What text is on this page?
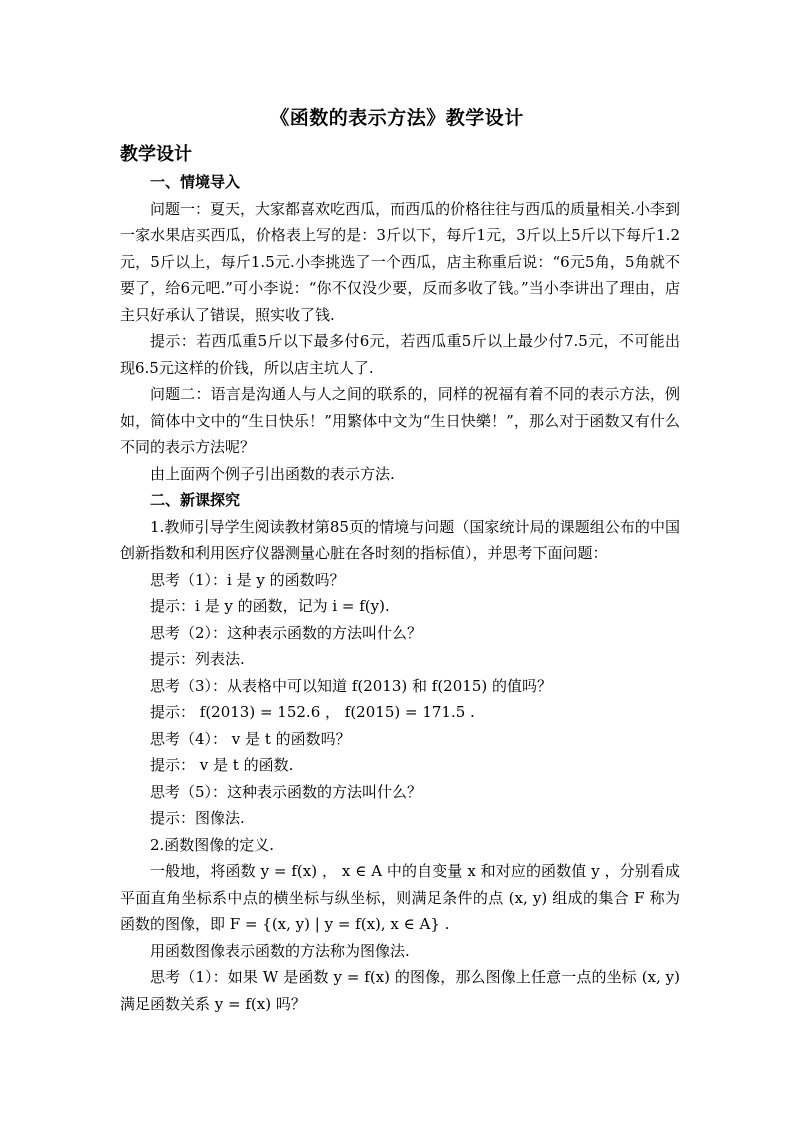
《函数的表示方法》教学设计
教学设计
一、情境导入

问题一：夏天，大家都喜欢吃西瓜，而西瓜的价格往往与西瓜的质量相关.小李到一家水果店买西瓜，价格表上写的是：3斤以下，每斤1元，3斤以上5斤以下每斤1.2元，5斤以上，每斤1.5元.小李挑选了一个西瓜，店主称重后说：“6元5角，5角就不要了，给6元吧.”可小李说：“你不仅没少要，反而多收了钱。”当小李讲出了理由，店主只好承认了错误，照实收了钱.

提示：若西瓜重5斤以下最多付6元，若西瓜重5斤以上最少付7.5元，不可能出现6.5元这样的价钱，所以店主坑人了.

问题二：语言是沟通人与人之间的联系的，同样的祝福有着不同的表示方法，例如，简体中文中的“生日快乐！”用繁体中文为“生日快樂！”，那么对于函数又有什么不同的表示方法呢？

由上面两个例子引出函数的表示方法.

二、新课探究

1.教师引导学生阅读教材第85页的情境与问题（国家统计局的课题组公布的中国创新指数和利用医疗仪器测量心脏在各时刻的指标值），并思考下面问题：

思考（1）：i 是 y 的函数吗？

提示：i 是 y 的函数，记为 i = f(y).

思考（2）：这种表示函数的方法叫什么？

提示：列表法.

思考（3）：从表格中可以知道 f(2013) 和 f(2015) 的值吗？

提示： f(2013) = 152.6 ， f(2015) = 171.5 .

思考（4）： v 是 t 的函数吗？

提示： v 是 t 的函数.

思考（5）：这种表示函数的方法叫什么？

提示：图像法.

2.函数图像的定义.

一般地，将函数 y = f(x) ， x ∈ A 中的自变量 x 和对应的函数值 y ，分别看成平面直角坐标系中点的横坐标与纵坐标，则满足条件的点 (x, y) 组成的集合 F 称为函数的图像，即 F = {(x, y) | y = f(x), x ∈ A} .

用函数图像表示函数的方法称为图像法.

思考（1）：如果 W 是函数 y = f(x) 的图像，那么图像上任意一点的坐标 (x, y) 满足函数关系 y = f(x) 吗？
